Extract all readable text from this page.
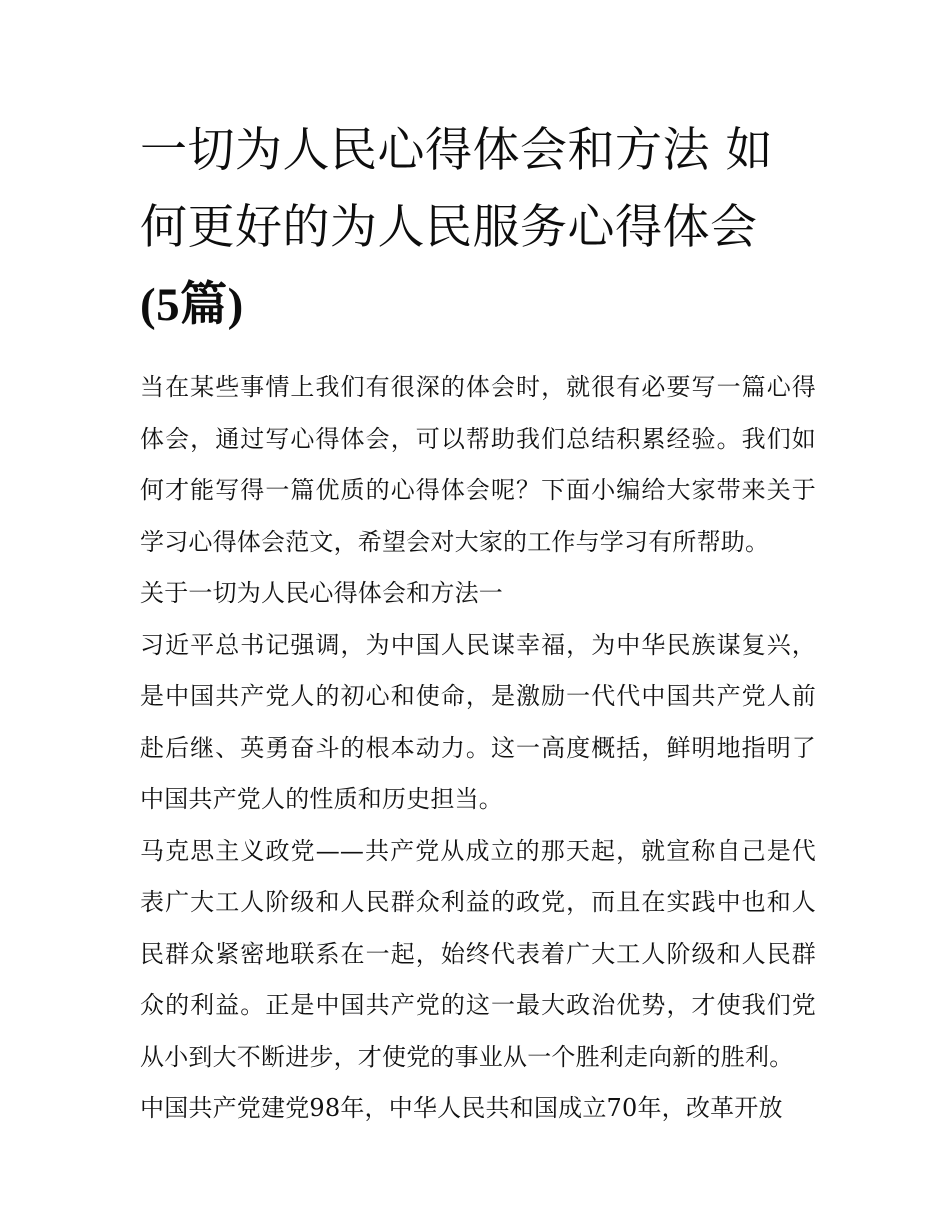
一切为人民心得体会和方法 如何更好的为人民服务心得体会
(5篇)

当在某些事情上我们有很深的体会时，就很有必要写一篇心得体会，通过写心得体会，可以帮助我们总结积累经验。我们如何才能写得一篇优质的心得体会呢？下面小编给大家带来关于学习心得体会范文，希望会对大家的工作与学习有所帮助。

关于一切为人民心得体会和方法一

习近平总书记强调，为中国人民谋幸福，为中华民族谋复兴，是中国共产党人的初心和使命，是激励一代代中国共产党人前赴后继、英勇奋斗的根本动力。这一高度概括，鲜明地指明了中国共产党人的性质和历史担当。

马克思主义政党——共产党从成立的那天起，就宣称自己是代表广大工人阶级和人民群众利益的政党，而且在实践中也和人民群众紧密地联系在一起，始终代表着广大工人阶级和人民群众的利益。正是中国共产党的这一最大政治优势，才使我们党从小到大不断进步，才使党的事业从一个胜利走向新的胜利。

中国共产党建党98年，中华人民共和国成立70年，改革开放
